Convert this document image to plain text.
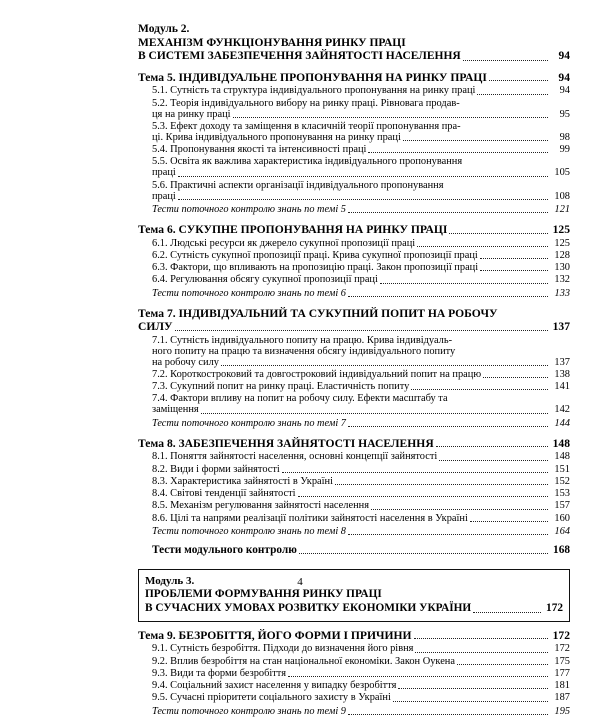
Модуль 2.
МЕХАНІЗМ ФУНКЦІОНУВАННЯ РИНКУ ПРАЦІ
В СИСТЕМІ ЗАБЕЗПЕЧЕННЯ ЗАЙНЯТОСТІ НАСЕЛЕННЯ	94
Тема 5. ІНДИВІДУАЛЬНЕ ПРОПОНУВАННЯ НА РИНКУ ПРАЦІ	94
5.1. Сутність та структура індивідуального пропонування на ринку праці	94
5.2. Теорія індивідуального вибору на ринку праці. Рівновага продав-
ця на ринку праці	95
5.3. Ефект доходу та заміщення в класичній теорії пропонування пра-
ці. Крива індивідуального пропонування на ринку праці	98
5.4. Пропонування якості та інтенсивності праці	99
5.5. Освіта як важлива характеристика індивідуального пропонування
праці	105
5.6. Практичні аспекти організації індивідуального пропонування
праці	108
Тести поточного контролю знань по темі 5	121
Тема 6. СУКУПНЕ ПРОПОНУВАННЯ НА РИНКУ ПРАЦІ	125
6.1. Людські ресурси як джерело сукупної пропозиції праці	125
6.2. Сутність сукупної пропозиції праці. Крива сукупної пропозиції праці	128
6.3. Фактори, що впливають на пропозицію праці. Закон пропозиції праці	130
6.4. Регулювання обсягу сукупної пропозиції праці	132
Тести поточного контролю знань по темі 6	133
Тема 7. ІНДИВІДУАЛЬНИЙ ТА СУКУПНИЙ ПОПИТ НА РОБОЧУ
СИЛУ	137
7.1. Сутність індивідуального попиту на працю. Крива індивідуаль-
ного попиту на працю та визначення обсягу індивідуального попиту
на робочу силу	137
7.2. Короткостроковий та довгостроковий індивідуальний попит на працю	138
7.3. Сукупний попит на ринку праці. Еластичність попиту	141
7.4. Фактори впливу на попит на робочу силу. Ефекти масштабу та
заміщення	142
Тести поточного контролю знань по темі 7	144
Тема 8. ЗАБЕЗПЕЧЕННЯ ЗАЙНЯТОСТІ НАСЕЛЕННЯ	148
8.1. Поняття зайнятості населення, основні концепції зайнятості	148
8.2. Види і форми зайнятості	151
8.3. Характеристика зайнятості в Україні	152
8.4. Світові тенденції зайнятості	153
8.5. Механізм регулювання зайнятості населення	157
8.6. Цілі та напрями реалізації політики зайнятості населення в Україні	160
Тести поточного контролю знань по темі 8	164
Тести модульного контролю	168
Модуль 3.
ПРОБЛЕМИ ФОРМУВАННЯ РИНКУ ПРАЦІ
В СУЧАСНИХ УМОВАХ РОЗВИТКУ ЕКОНОМІКИ УКРАЇНИ	172
Тема 9. БЕЗРОБІТТЯ, ЙОГО ФОРМИ І ПРИЧИНИ	172
9.1. Сутність безробіття. Підходи до визначення його рівня	172
9.2. Вплив безробіття на стан національної економіки. Закон Оукена	175
9.3. Види та форми безробіття	177
9.4. Соціальний захист населення у випадку безробіття	181
9.5. Сучасні пріоритети соціального захисту в Україні	187
Тести поточного контролю знань по темі 9	195
4
